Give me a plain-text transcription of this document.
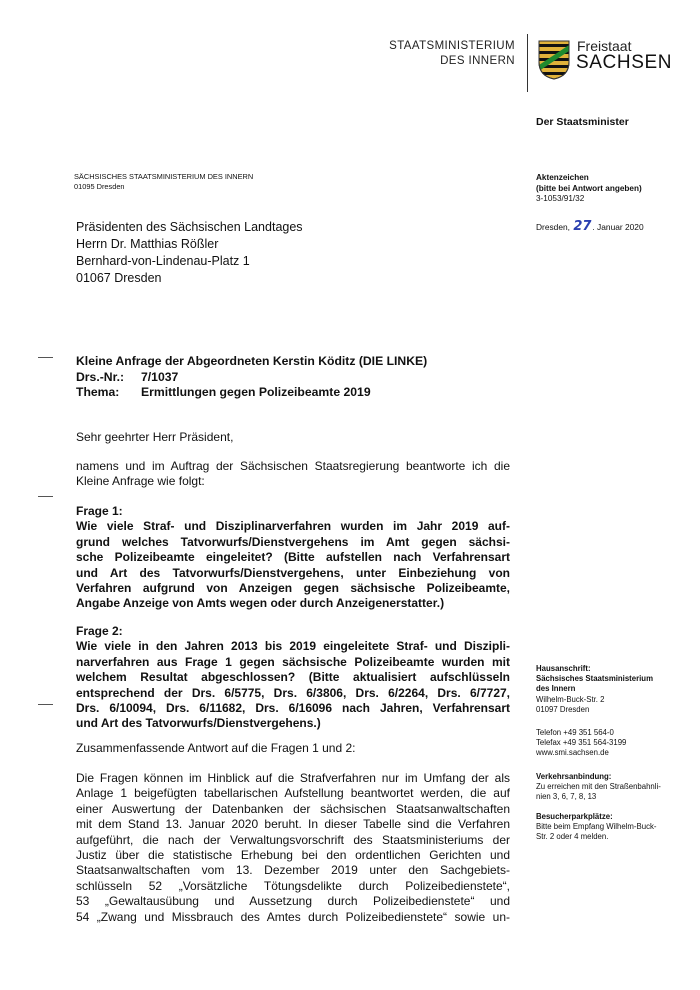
STAATSMINISTERIUM
DES INNERN
Freistaat
SACHSEN
Der Staatsminister
SÄCHSISCHES STAATSMINISTERIUM DES INNERN
01095 Dresden
Aktenzeichen
(bitte bei Antwort angeben)
3-1053/91/32
Dresden, 27. Januar 2020
Präsidenten des Sächsischen Landtages
Herrn Dr. Matthias Rößler
Bernhard-von-Lindenau-Platz 1
01067 Dresden
Kleine Anfrage der Abgeordneten Kerstin Köditz (DIE LINKE)
Drs.-Nr.:	7/1037
Thema:	Ermittlungen gegen Polizeibeamte 2019
Sehr geehrter Herr Präsident,
namens und im Auftrag der Sächsischen Staatsregierung beantworte ich die
Kleine Anfrage wie folgt:
Frage 1:
Wie viele Straf- und Disziplinarverfahren wurden im Jahr 2019 auf-
grund welches Tatvorwurfs/Dienstvergehens im Amt gegen sächsi-
sche Polizeibeamte eingeleitet? (Bitte aufstellen nach Verfahrensart
und Art des Tatvorwurfs/Dienstvergehens, unter Einbeziehung von
Verfahren aufgrund von Anzeigen gegen sächsische Polizeibeamte,
Angabe Anzeige von Amts wegen oder durch Anzeigenerstatter.)
Frage 2:
Wie viele in den Jahren 2013 bis 2019 eingeleitete Straf- und Diszipli-
narverfahren aus Frage 1 gegen sächsische Polizeibeamte wurden mit
welchem Resultat abgeschlossen? (Bitte aktualisiert aufschlüsseln
entsprechend der Drs. 6/5775, Drs. 6/3806, Drs. 6/2264, Drs. 6/7727,
Drs. 6/10094, Drs. 6/11682, Drs. 6/16096 nach Jahren, Verfahrensart
und Art des Tatvorwurfs/Dienstvergehens.)
Zusammenfassende Antwort auf die Fragen 1 und 2:
Die Fragen können im Hinblick auf die Strafverfahren nur im Umfang der als
Anlage 1 beigefügten tabellarischen Aufstellung beantwortet werden, die auf
einer Auswertung der Datenbanken der sächsischen Staatsanwaltschaften
mit dem Stand 13. Januar 2020 beruht. In dieser Tabelle sind die Verfahren
aufgeführt, die nach der Verwaltungsvorschrift des Staatsministeriums der
Justiz über die statistische Erhebung bei den ordentlichen Gerichten und
Staatsanwaltschaften vom 13. Dezember 2019 unter den Sachgebiets-
schlüsseln 52 „Vorsätzliche Tötungsdelikte durch Polizeibedienstete“,
53 „Gewaltausübung und Aussetzung durch Polizeibedienstete“ und
54 „Zwang und Missbrauch des Amtes durch Polizeibedienstete“ sowie un-
Hausanschrift:
Sächsisches Staatsministerium
des Innern
Wilhelm-Buck-Str. 2
01097 Dresden
Telefon +49 351 564-0
Telefax +49 351 564-3199
www.smi.sachsen.de
Verkehrsanbindung:
Zu erreichen mit den Straßenbahnli-
nien 3, 6, 7, 8, 13
Besucherparkplätze:
Bitte beim Empfang Wilhelm-Buck-
Str. 2 oder 4 melden.
